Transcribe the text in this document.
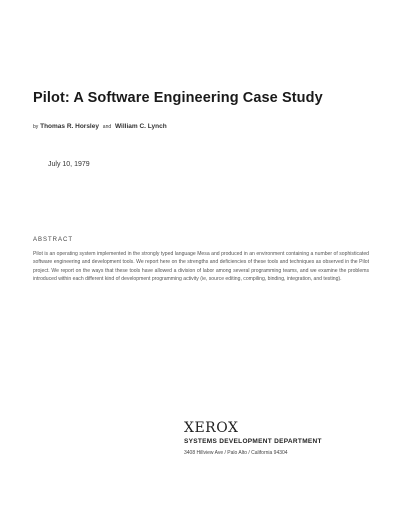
Pilot: A Software Engineering Case Study
by Thomas R. Horsley and William C. Lynch
July 10, 1979
ABSTRACT
Pilot is an operating system implemented in the strongly typed language Mesa and produced in an environment containing a number of sophisticated software engineering and development tools. We report here on the strengths and deficiencies of these tools and techniques as observed in the Pilot project. We report on the ways that these tools have allowed a division of labor among several programming teams, and we examine the problems introduced within each different kind of development programming activity (ie, source editing, compiling, binding, integration, and testing).
XEROX
SYSTEMS DEVELOPMENT DEPARTMENT
3408 Hillview Ave / Palo Alto / California 94304
